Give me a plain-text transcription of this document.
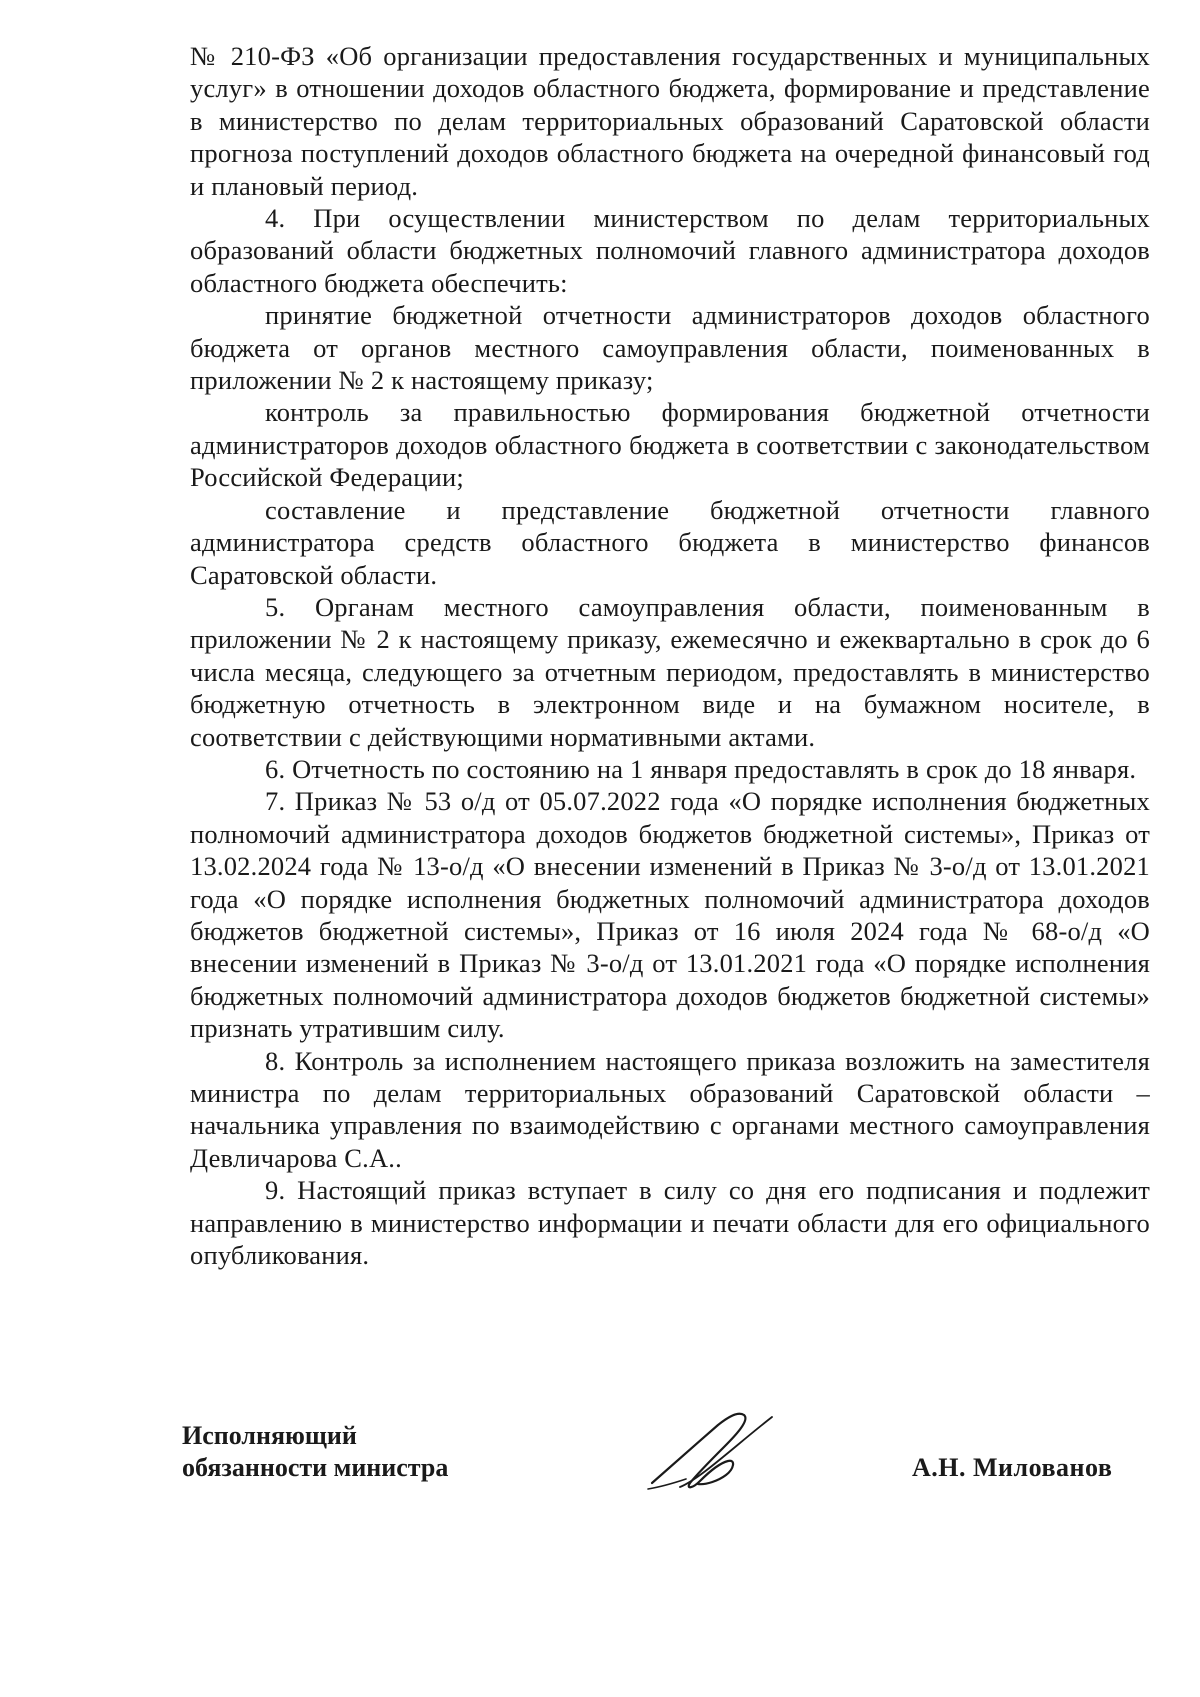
№ 210-ФЗ «Об организации предоставления государственных и муниципальных услуг» в отношении доходов областного бюджета, формирование и представление в министерство по делам территориальных образований Саратовской области прогноза поступлений доходов областного бюджета на очередной финансовый год и плановый период.

4. При осуществлении министерством по делам территориальных образований области бюджетных полномочий главного администратора доходов областного бюджета обеспечить:

принятие бюджетной отчетности администраторов доходов областного бюджета от органов местного самоуправления области, поименованных в приложении № 2 к настоящему приказу;

контроль за правильностью формирования бюджетной отчетности администраторов доходов областного бюджета в соответствии с законодательством Российской Федерации;

составление и представление бюджетной отчетности главного администратора средств областного бюджета в министерство финансов Саратовской области.

5. Органам местного самоуправления области, поименованным в приложении № 2 к настоящему приказу, ежемесячно и ежеквартально в срок до 6 числа месяца, следующего за отчетным периодом, предоставлять в министерство бюджетную отчетность в электронном виде и на бумажном носителе, в соответствии с действующими нормативными актами.

6. Отчетность по состоянию на 1 января предоставлять в срок до 18 января.

7. Приказ № 53 о/д от 05.07.2022 года «О порядке исполнения бюджетных полномочий администратора доходов бюджетов бюджетной системы», Приказ от 13.02.2024 года № 13-о/д «О внесении изменений в Приказ № 3-о/д от 13.01.2021 года «О порядке исполнения бюджетных полномочий администратора доходов бюджетов бюджетной системы», Приказ от 16 июля 2024 года № 68-о/д «О внесении изменений в Приказ № 3-о/д от 13.01.2021 года «О порядке исполнения бюджетных полномочий администратора доходов бюджетов бюджетной системы» признать утратившим силу.

8. Контроль за исполнением настоящего приказа возложить на заместителя министра по делам территориальных образований Саратовской области – начальника управления по взаимодействию с органами местного самоуправления Девличарова С.А..

9. Настоящий приказ вступает в силу со дня его подписания и подлежит направлению в министерство информации и печати области для его официального опубликования.

Исполняющий
обязанности министра	А.Н. Милованов
